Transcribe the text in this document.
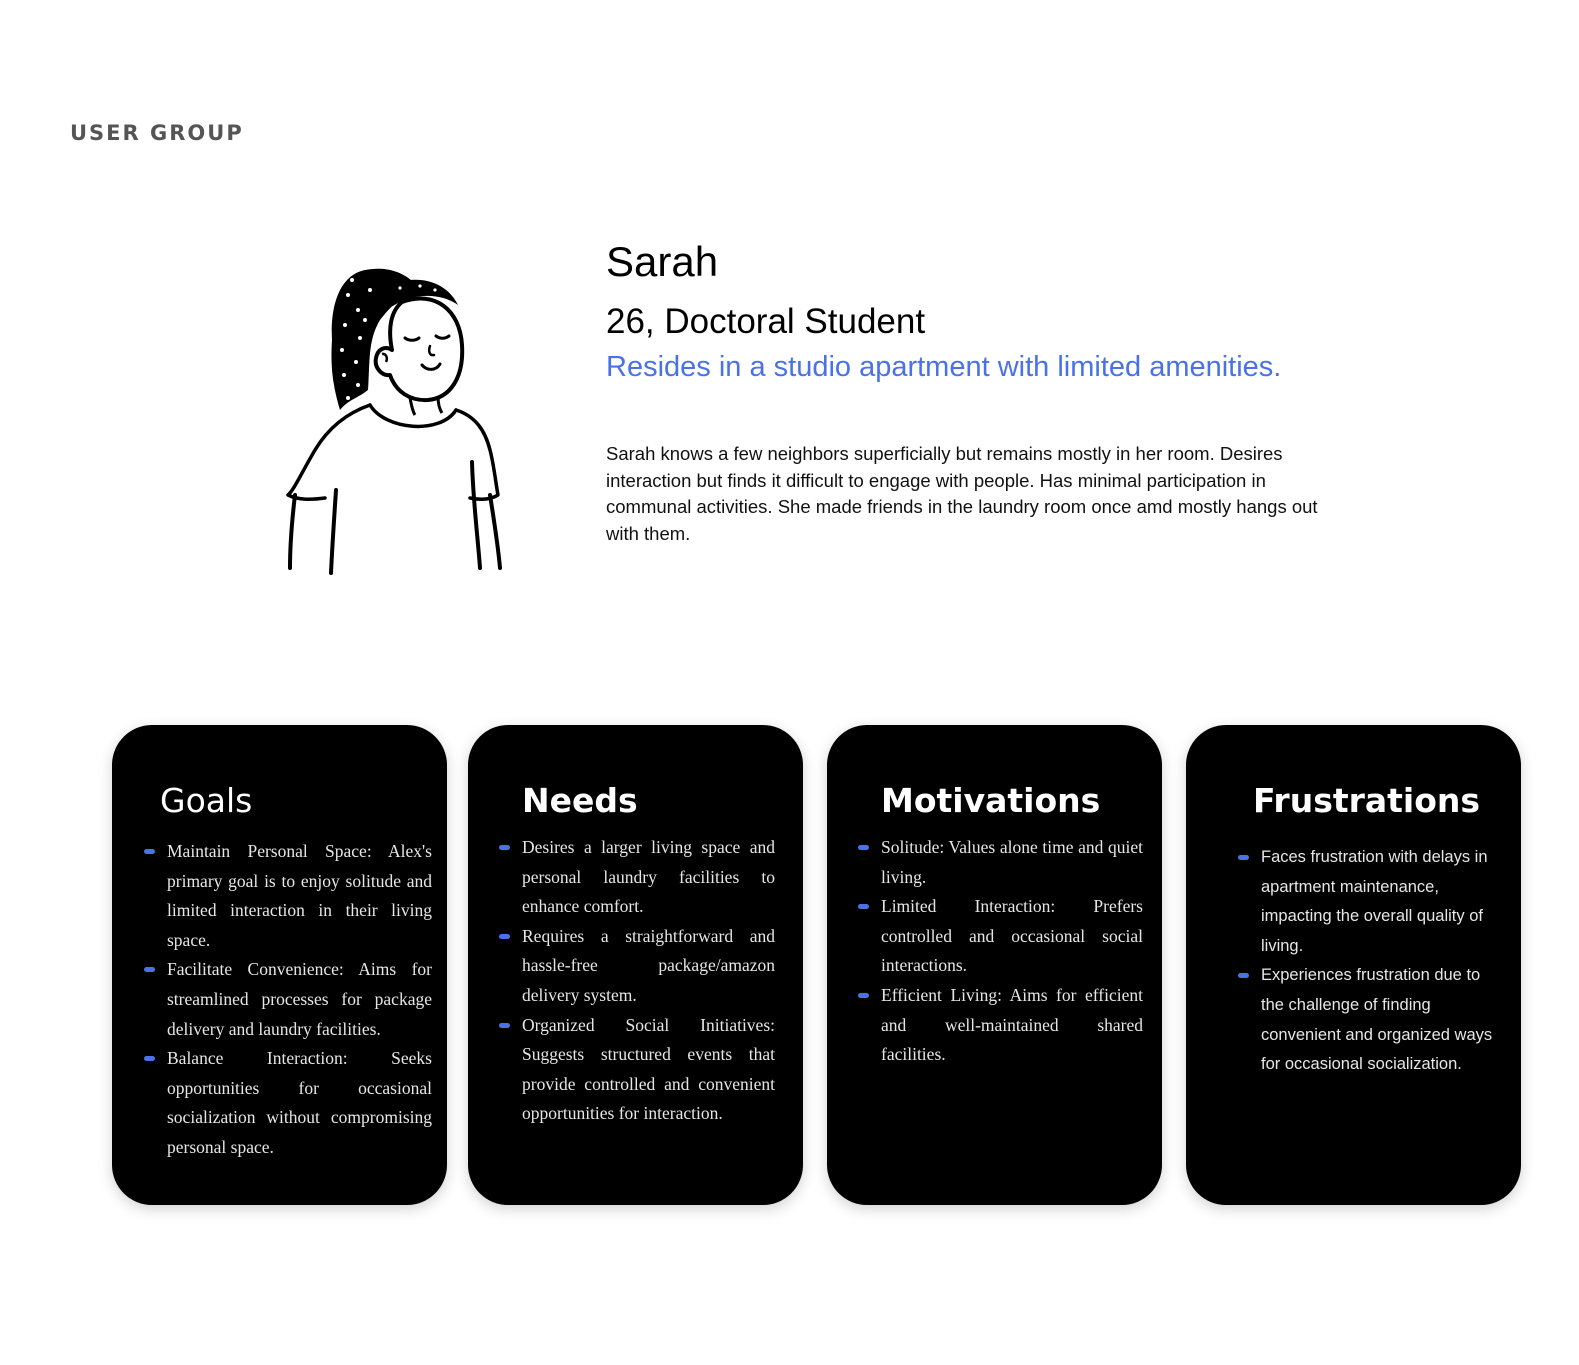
USER GROUP
Sarah
26, Doctoral Student

Resides in a studio apartment with limited amenities.

Sarah knows a few neighbors superficially but remains mostly in her room. Desires interaction but finds it difficult to engage with people. Has minimal participation in communal activities. She made friends in the laundry room once amd mostly hangs out with them.

Goals
Maintain Personal Space: Alex's primary goal is to enjoy solitude and limited interaction in their living space.
Facilitate Convenience: Aims for streamlined processes for package delivery and laundry facilities.
Balance Interaction: Seeks opportunities for occasional socialization without compromising personal space.
Needs
Desires a larger living space and personal laundry facilities to enhance comfort.
Requires a straightforward and hassle-free package/amazon delivery system.
Organized Social Initiatives: Suggests structured events that provide controlled and convenient opportunities for interaction.
Motivations
Solitude: Values alone time and quiet living.
Limited Interaction: Prefers controlled and occasional social interactions.
Efficient Living: Aims for efficient and well-maintained shared facilities.
Frustrations
Faces frustration with delays in apartment maintenance, impacting the overall quality of living.
Experiences frustration due to the challenge of finding convenient and organized ways for occasional socialization.
